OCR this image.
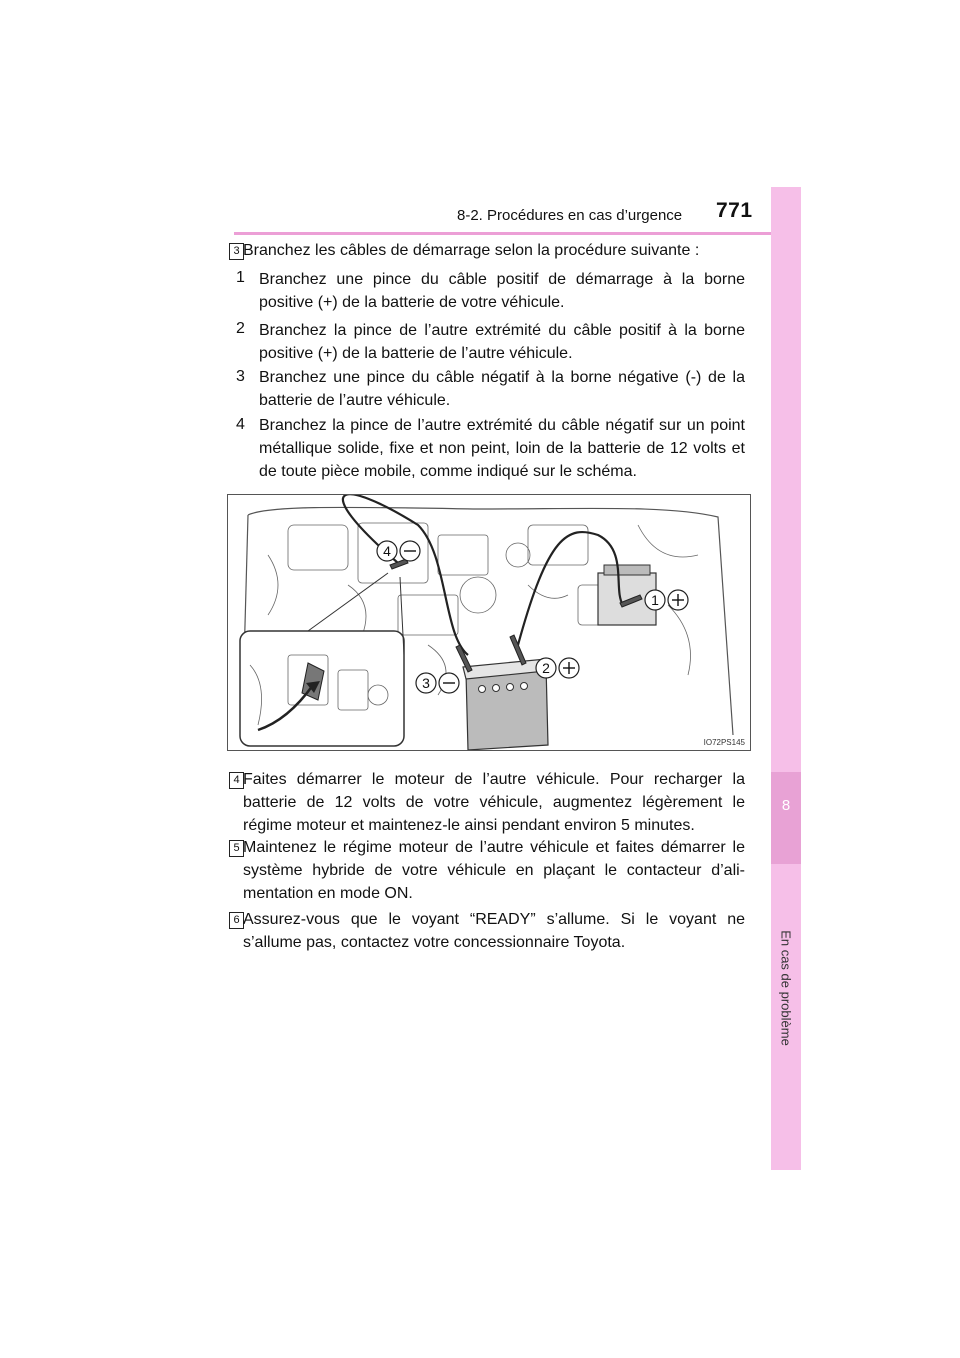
8-2. Procédures en cas d’urgence 771
8
En cas de problème
3 Branchez les câbles de démarrage selon la procédure suivante :
1 Branchez une pince du câble positif de démarrage à la borne positive (+) de la batterie de votre véhicule.
2 Branchez la pince de l’autre extrémité du câble positif à la borne positive (+) de la batterie de l’autre véhicule.
3 Branchez une pince du câble négatif à la borne négative (-) de la batterie de l’autre véhicule.
4 Branchez la pince de l’autre extrémité du câble négatif sur un point métallique solide, fixe et non peint, loin de la batterie de 12 volts et de toute pièce mobile, comme indiqué sur le schéma.
1
2
3
4
IO72PS145
4 Faites démarrer le moteur de l’autre véhicule. Pour recharger la batterie de 12 volts de votre véhicule, augmentez légèrement le régime moteur et maintenez-le ainsi pendant environ 5 minutes.
5 Maintenez le régime moteur de l’autre véhicule et faites démarrer le système hybride de votre véhicule en plaçant le contacteur d’ali-mentation en mode ON.
6 Assurez-vous que le voyant “READY” s’allume. Si le voyant ne s’allume pas, contactez votre concessionnaire Toyota.
